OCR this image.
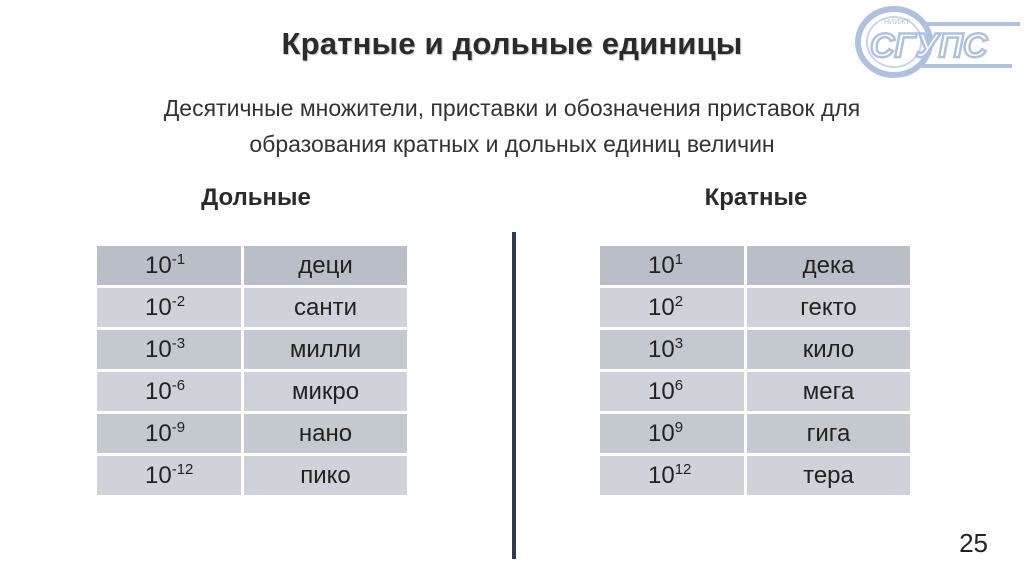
Кратные и дольные единицы
НИИЖТ
СГУПС
Десятичные множители, приставки и обозначения приставок для
образования кратных и дольных единиц величин
Дольные	Кратные
$10^{-1}$	деци
$10^{-2}$	санти
$10^{-3}$	милли
$10^{-6}$	микро
$10^{-9}$	нано
$10^{-12}$	пико
$10^1$	дека
$10^2$	гекто
$10^3$	кило
$10^6$	мега
$10^9$	гига
$10^{12}$	тера
25
